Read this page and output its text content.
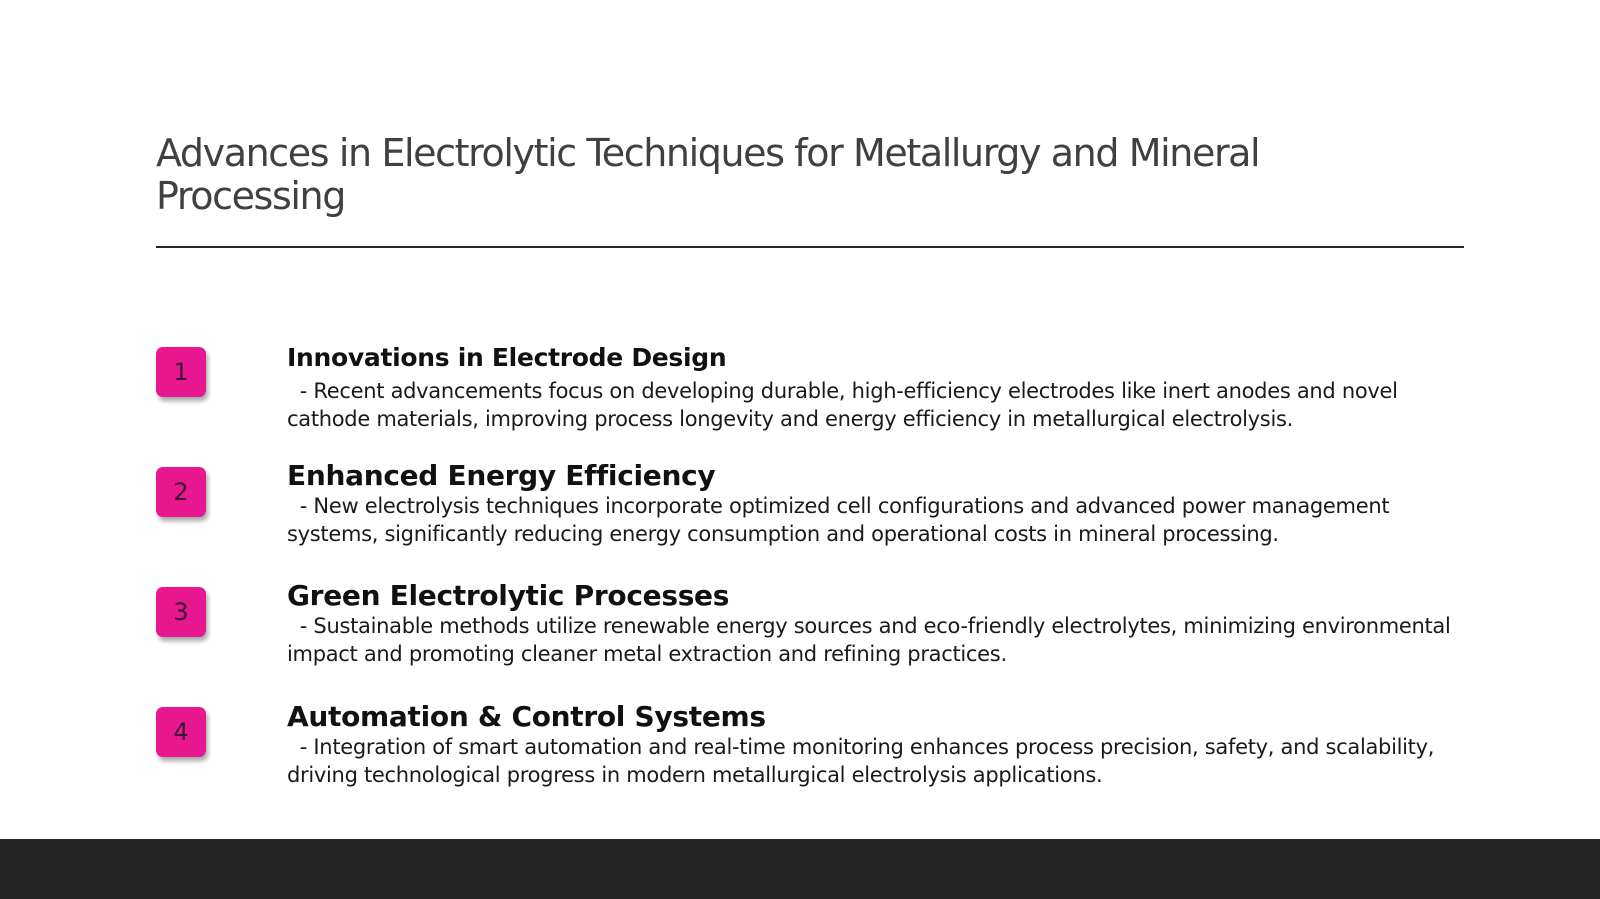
Advances in Electrolytic Techniques for Metallurgy and Mineral Processing
1	Innovations in Electrode Design
- Recent advancements focus on developing durable, high-efficiency electrodes like inert anodes and novel cathode materials, improving process longevity and energy efficiency in metallurgical electrolysis.
2	Enhanced Energy Efficiency
- New electrolysis techniques incorporate optimized cell configurations and advanced power management systems, significantly reducing energy consumption and operational costs in mineral processing.
3	Green Electrolytic Processes
- Sustainable methods utilize renewable energy sources and eco-friendly electrolytes, minimizing environmental impact and promoting cleaner metal extraction and refining practices.
4	Automation & Control Systems
- Integration of smart automation and real-time monitoring enhances process precision, safety, and scalability, driving technological progress in modern metallurgical electrolysis applications.
